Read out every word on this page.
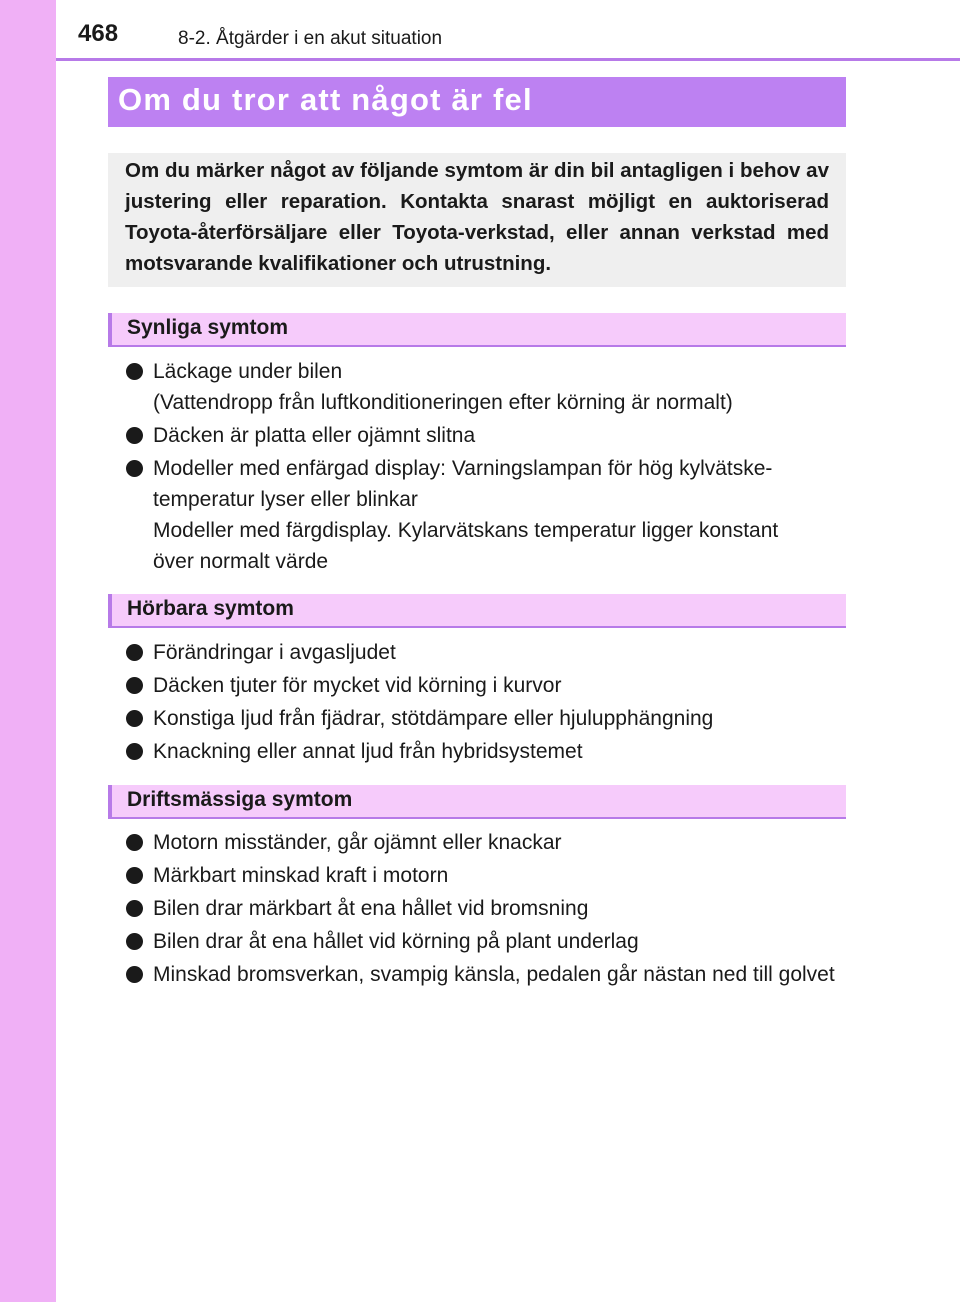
468	8-2. Åtgärder i en akut situation
Om du tror att något är fel
Om du märker något av följande symtom är din bil antagligen i behov av justering eller reparation. Kontakta snarast möjligt en auktoriserad Toyota-återförsäljare eller Toyota-verkstad, eller annan verkstad med motsvarande kvalifikationer och utrustning.
Synliga symtom
Läckage under bilen
(Vattendropp från luftkonditioneringen efter körning är normalt)
Däcken är platta eller ojämnt slitna
Modeller med enfärgad display: Varningslampan för hög kylvätske-
temperatur lyser eller blinkar
Modeller med färgdisplay. Kylarvätskans temperatur ligger konstant
över normalt värde
Hörbara symtom
Förändringar i avgasljudet
Däcken tjuter för mycket vid körning i kurvor
Konstiga ljud från fjädrar, stötdämpare eller hjulupphängning
Knackning eller annat ljud från hybridsystemet
Driftsmässiga symtom
Motorn misständer, går ojämnt eller knackar
Märkbart minskad kraft i motorn
Bilen drar märkbart åt ena hållet vid bromsning
Bilen drar åt ena hållet vid körning på plant underlag
Minskad bromsverkan, svampig känsla, pedalen går nästan ned till golvet
